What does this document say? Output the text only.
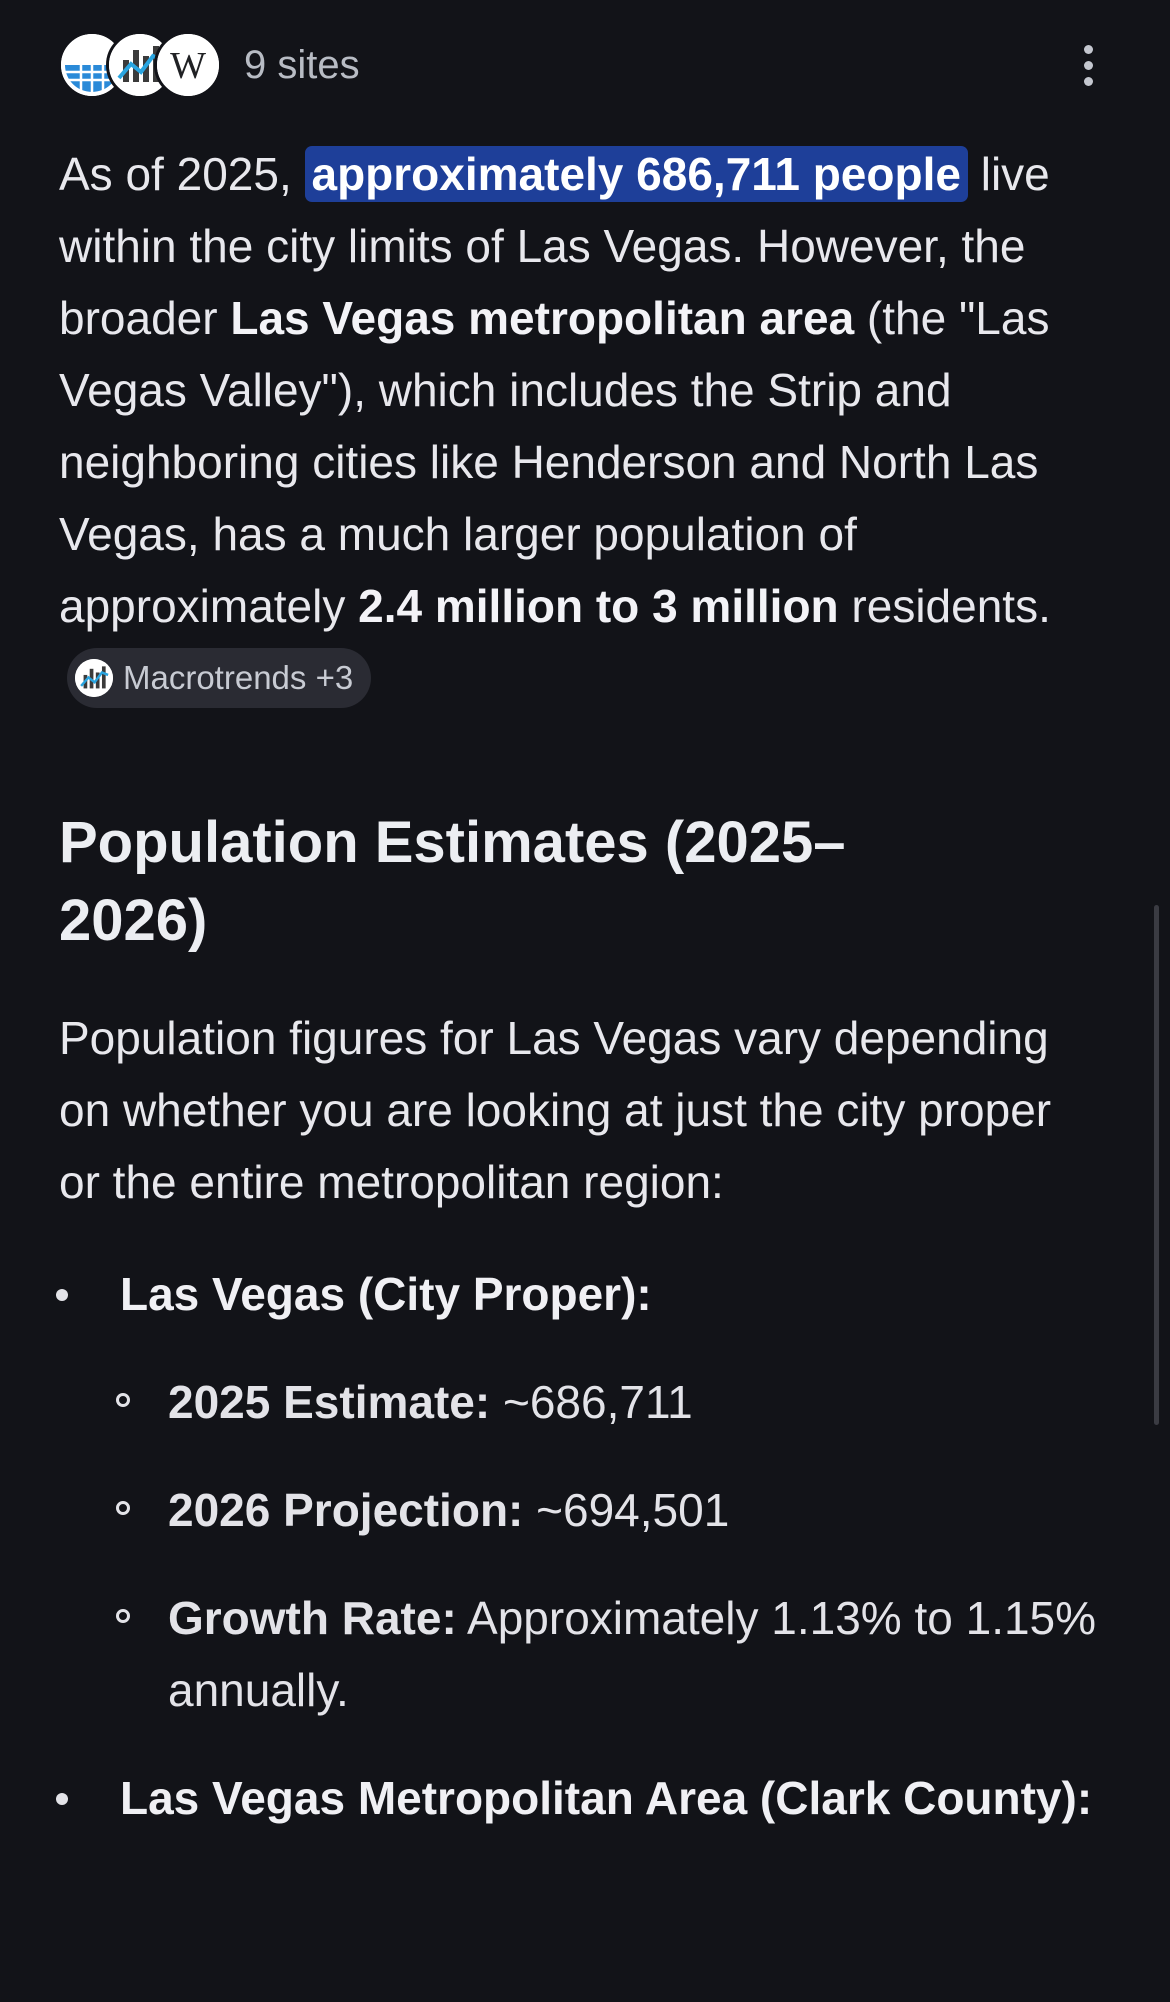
W 9 sites

As of 2025, approximately 686,711 people live within the city limits of Las Vegas. However, the broader Las Vegas metropolitan area (the "Las Vegas Valley"), which includes the Strip and neighboring cities like Henderson and North Las Vegas, has a much larger population of approximately 2.4 million to 3 million residents.
Macrotrends +3

Population Estimates (2025–2026)

Population figures for Las Vegas vary depending on whether you are looking at just the city proper or the entire metropolitan region:

Las Vegas (City Proper):
2025 Estimate: ~686,711
2026 Projection: ~694,501
Growth Rate: Approximately 1.13% to 1.15% annually.
Las Vegas Metropolitan Area (Clark County):
